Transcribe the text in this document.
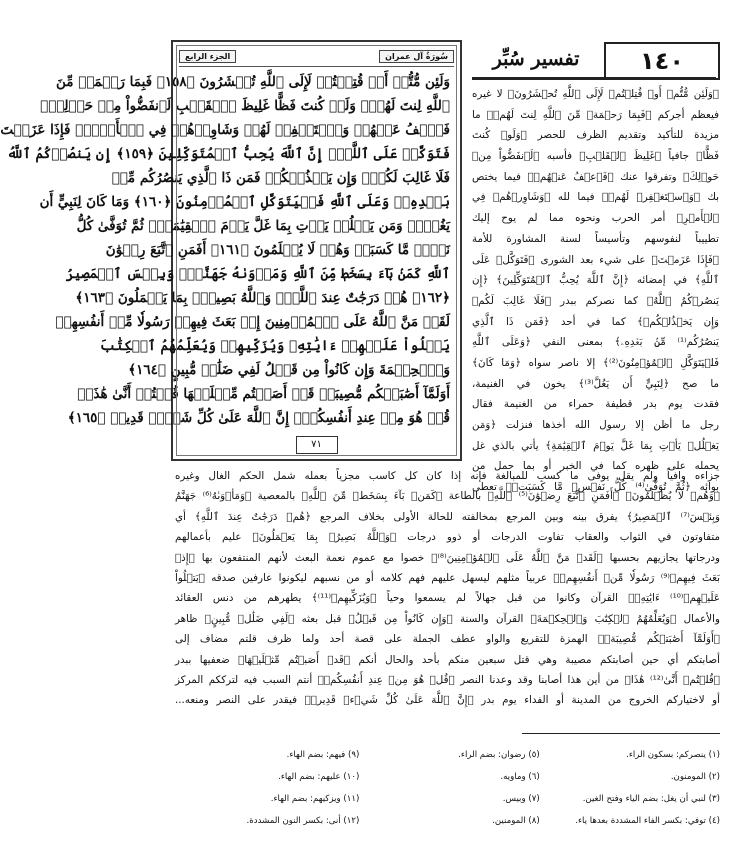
١٤٠
تفسير سُبِّر
سُورَةُ آل عمران
الجزء الرابع
وَلَئِن مُّتُّمۡ أَوۡ قُتِلۡتُمۡ لَإِلَى ٱللَّهِ تُحۡشَرُونَ ﴿١٥٨﴾ فَبِمَا رَحۡمَةٖ مِّنَ
ٱللَّهِ لِنتَ لَهُمۡۖ وَلَوۡ كُنتَ فَظًّا غَلِيظَ ٱلۡقَلۡبِ لَٱنفَضُّواْ مِنۡ حَوۡلِكَۖ
فَٱعۡفُ عَنۡهُمۡ وَٱسۡتَغۡفِرۡ لَهُمۡ وَشَاوِرۡهُمۡ فِي ٱلۡأَمۡرِۖ فَإِذَا عَزَمۡتَ
فَتَوَكَّلۡ عَلَى ٱللَّهِۚ إِنَّ ٱللَّهَ يُحِبُّ ٱلۡمُتَوَكِّلِينَ ﴿١٥٩﴾ إِن يَنصُرۡكُمُ ٱللَّهُ
فَلَا غَالِبَ لَكُمۡۖ وَإِن يَخۡذُلۡكُمۡ فَمَن ذَا ٱلَّذِي يَنصُرُكُم مِّنۢ
بَعۡدِهِۦۗ وَعَلَى ٱللَّهِ فَلۡيَتَوَكَّلِ ٱلۡمُؤۡمِنُونَ ﴿١٦٠﴾ وَمَا كَانَ لِنَبِيٍّ أَن
يَغُلَّۚ وَمَن يَغۡلُلۡ يَأۡتِ بِمَا غَلَّ يَوۡمَ ٱلۡقِيَٰمَةِۚ ثُمَّ تُوَفَّىٰ كُلُّ
نَفۡسٖ مَّا كَسَبَتۡ وَهُمۡ لَا يُظۡلَمُونَ ﴿١٦١﴾ أَفَمَنِ ٱتَّبَعَ رِضۡوَٰنَ
ٱللَّهِ كَمَنۢ بَآءَ بِسَخَطٖ مِّنَ ٱللَّهِ وَمَأۡوَىٰهُ جَهَنَّمُۖ وَبِئۡسَ ٱلۡمَصِيرُ
﴿١٦٢﴾ هُمۡ دَرَجَٰتٌ عِندَ ٱللَّهِۗ وَٱللَّهُ بَصِيرُۢ بِمَا يَعۡمَلُونَ ﴿١٦٣﴾
لَقَدۡ مَنَّ ٱللَّهُ عَلَى ٱلۡمُؤۡمِنِينَ إِذۡ بَعَثَ فِيهِمۡ رَسُولٗا مِّنۡ أَنفُسِهِمۡ
يَتۡلُواْ عَلَيۡهِمۡ ءَايَٰتِهِۦ وَيُزَكِّيهِمۡ وَيُعَلِّمُهُمُ ٱلۡكِتَٰبَ
وَٱلۡحِكۡمَةَ وَإِن كَانُواْ مِن قَبۡلُ لَفِي ضَلَٰلٖ مُّبِينٍ ﴿١٦٤﴾
أَوَلَمَّآ أَصَٰبَتۡكُم مُّصِيبَةٞ قَدۡ أَصَبۡتُم مِّثۡلَيۡهَا قُلۡتُمۡ أَنَّىٰ هَٰذَاۖ
قُلۡ هُوَ مِنۡ عِندِ أَنفُسِكُمۡۗ إِنَّ ٱللَّهَ عَلَىٰ كُلِّ شَيۡءٖ قَدِيرٞ ﴿١٦٥﴾
٧١
﴿وَلَئِن مُّتُّمۡ أَوۡ قُتِلۡتُمۡ لَإِلَى ٱللَّهِ تُحۡشَرُونَ﴾ لا غيره
فيعظم أجركم ﴿فَبِمَا رَحۡمَةٖ مِّنَ ٱللَّهِ لِنتَ لَهُمۡ﴾ ما
مزيدة للتأكيد وتقديم الظرف للحصر ﴿وَلَوۡ كُنتَ
فَظًّا﴾ جافياً ﴿غَلِيظَ ٱلۡقَلۡبِ﴾ فأسبه ﴿لَٱنفَضُّواْ مِنۡ
حَوۡلِكَ﴾ وتفرقوا عنك ﴿فَٱعۡفُ عَنۡهُمۡ﴾ فيما يختص
بك ﴿وَٱسۡتَغۡفِرۡ لَهُمۡ﴾ فيما لله ﴿وَشَاوِرۡهُمۡ فِي
ٱلۡأَمۡرِ﴾ أمر الحرب ونحوه مما لم يوح إليك
تطييباً لنفوسهم وتأسيساً لسنة المشاورة للأمة
﴿فَإِذَا عَزَمۡتَ﴾ على شيء بعد الشورى ﴿فَتَوَكَّلۡ عَلَى
ٱللَّهِ﴾ في إمضائه ﴿إِنَّ ٱللَّهَ يُحِبُّ ٱلۡمُتَوَكِّلِينَ﴾ ﴿إِن
يَنصُرۡكُمُ ٱللَّهُ﴾ كما نصركم ببدر ﴿فَلَا غَالِبَ لَكُمۡ
وَإِن يَخۡذُلۡكُمۡ﴾ كما في أحد ﴿فَمَن ذَا ٱلَّذِي
يَنصُرُكُم⁽¹⁾ مِّنۢ بَعۡدِهِۦ﴾ بمعنى النفي ﴿وَعَلَى ٱللَّهِ
فَلۡيَتَوَكَّلِ ٱلۡمُؤۡمِنُونَ⁽²⁾﴾ إلا ناصر سواه ﴿وَمَا كَانَ﴾
ما صح ﴿لِنَبِيٍّ أَن يَغُلَّ⁽³⁾﴾ يخون في الغنيمة،
فقدت يوم بدر قطيفة حمراء من الغنيمة فقال
رجل ما أظن إلا رسول الله أخذها فنزلت ﴿وَمَن
يَغۡلُلۡ يَأۡتِ بِمَا غَلَّ يَوۡمَ ٱلۡقِيَٰمَةِ﴾ يأتي بالذي غل
يحمله على ظهره كما في الخبر أو بما حمل من
بوائه ﴿ثُمَّ تُوَفَّىٰ⁽⁴⁾ كُلُّ نَفۡسٖ مَّا كَسَبَتۡ﴾ تعطى
جزاءه وافياً ولم يقل يوفى ما كسب للمبالغة فإنه إذا كان كل كاسب مجزياً بعمله شمل الحكم الغال وغيره
﴿وَهُمۡ لَا يُظۡلَمُونَ﴾ ﴿أَفَمَنِ ٱتَّبَعَ رِضۡوَٰنَ⁽⁵⁾ ٱللَّهِ﴾ بالطاعة ﴿كَمَنۢ بَآءَ بِسَخَطٖ مِّنَ ٱللَّهِ﴾ بالمعصية ﴿وَمَأۡوَىٰهُ⁽⁶⁾ جَهَنَّمُ
وَبِئۡسَ⁽⁷⁾ ٱلۡمَصِيرُ﴾ يفرق بينه وبين المرجع بمخالفته للحالة الأولى بخلاف المرجع ﴿هُمۡ دَرَجَٰتٌ عِندَ ٱللَّهِ﴾ أي
متفاوتون في الثواب والعقاب تفاوت الدرجات أو ذوو درجات ﴿وَٱللَّهُ بَصِيرُۢ بِمَا يَعۡمَلُونَ﴾ عليم بأعمالهم
ودرجاتها يجازيهم بحسبها ﴿لَقَدۡ مَنَّ ٱللَّهُ عَلَى ٱلۡمُؤۡمِنِينَ⁽⁸⁾﴾ خصوا مع عموم نعمة البعث لأنهم المنتفعون بها ﴿إِذۡ
بَعَثَ فِيهِمۡ⁽⁹⁾ رَسُولٗا مِّنۡ أَنفُسِهِمۡ﴾ عربياً مثلهم ليسهل عليهم فهم كلامه أو من نسبهم ليكونوا عارفين صدقه ﴿يَتۡلُواْ
عَلَيۡهِمۡ⁽¹⁰⁾ ءَايَٰتِهِۦ﴾ القرآن وكانوا من قبل جهالاً لم يسمعوا وحياً ﴿وَيُزَكِّيهِمۡ⁽¹¹⁾﴾ يطهرهم من دنس العقائد
والأعمال ﴿وَيُعَلِّمُهُمُ ٱلۡكِتَٰبَ وَٱلۡحِكۡمَةَ﴾ القرآن والسنة ﴿وَإِن كَانُواْ مِن قَبۡلُ﴾ قبل بعثه ﴿لَفِي ضَلَٰلٖ مُّبِينٍ﴾ ظاهر
﴿أَوَلَمَّآ أَصَٰبَتۡكُم مُّصِيبَةٞ﴾ الهمزة للتقريع والواو عطف الجملة على قصة أحد ولما ظرف قلتم مضاف إلى
أصابتكم أي حين أصابتكم مصيبة وهي قتل سبعين منكم بأحد والحال أنكم ﴿قَدۡ أَصَبۡتُم مِّثۡلَيۡهَا﴾ ضعفيها ببدر
﴿قُلۡتُمۡ أَنَّىٰ⁽¹²⁾ هَٰذَا﴾ من أين هذا أصابنا وقد وعدنا النصر ﴿قُلۡ هُوَ مِنۡ عِندِ أَنفُسِكُمۡ﴾ أنتم السبب فيه لترككم المركز
أو لاختياركم الخروج من المدينة أو الفداء يوم بدر ﴿إِنَّ ٱللَّهَ عَلَىٰ كُلِّ شَيۡءٖ قَدِيرٞ﴾ فيقدر على النصر ومنعه...
(١) ينصركم: بسكون الراء.
(٥) رضوان: بضم الراء.
(٩) فيهم: بضم الهاء.
(٢) المومنون.
(٦) وماويه.
(١٠) عليهم: بضم الهاء.
(٣) لنبي أن يغل: بضم الياء وفتح الغين.
(٧) وبيس.
(١١) ويزكيهم: بضم الهاء.
(٤) توفي: بكسر الفاء المشددة بعدها ياء.
(٨) المومنين.
(١٢) أنى: بكسر النون المشددة.
